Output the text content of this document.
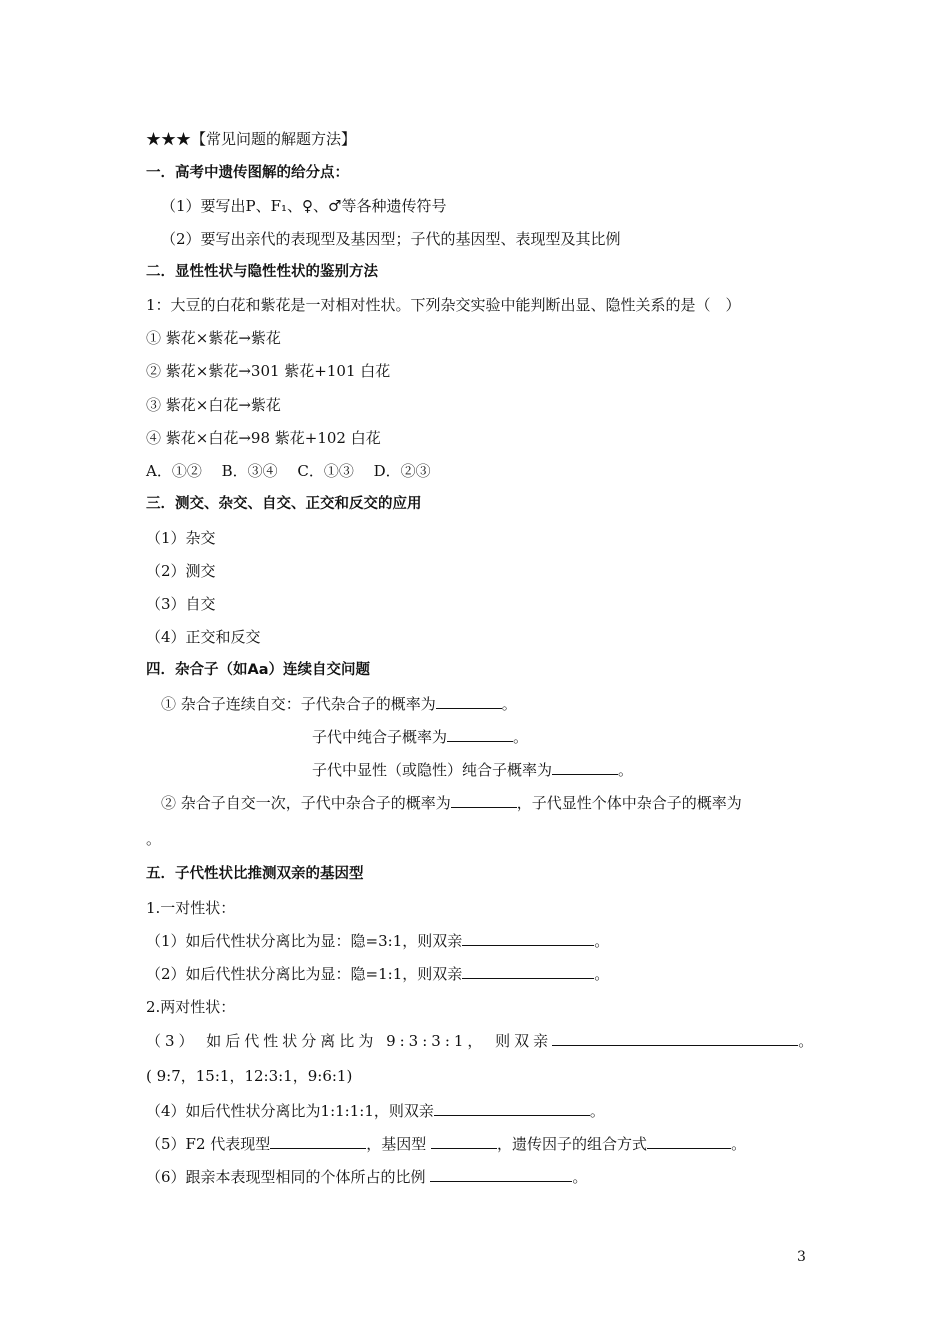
★★★【常见问题的解题方法】
一．高考中遗传图解的给分点：
（1）要写出P、F₁、♀、♂等各种遗传符号
（2）要写出亲代的表现型及基因型；子代的基因型、表现型及其比例
二．显性性状与隐性性状的鉴别方法
1：大豆的白花和紫花是一对相对性状。下列杂交实验中能判断出显、隐性关系的是（　）
① 紫花×紫花→紫花
② 紫花×紫花→301 紫花+101 白花
③ 紫花×白花→紫花
④ 紫花×白花→98 紫花+102 白花
A．①②　 B．③④　 C．①③　 D．②③
三．测交、杂交、自交、正交和反交的应用
（1）杂交
（2）测交
（3）自交
（4）正交和反交
四．杂合子（如Aa）连续自交问题
① 杂合子连续自交：子代杂合子的概率为	。
子代中纯合子概率为	。
子代中显性（或隐性）纯合子概率为	。
② 杂合子自交一次，子代中杂合子的概率为	，子代显性个体中杂合子的概率为
。
五．子代性状比推测双亲的基因型
1.一对性状：
（1）如后代性状分离比为显：隐=3:1，则双亲	。
（2）如后代性状分离比为显：隐=1:1，则双亲	。
2.两对性状：
（3） 如后代性状分离比为 9:3:3:1， 则双亲	。
( 9:7，15:1，12:3:1，9:6:1)
（4）如后代性状分离比为1:1:1:1，则双亲	。
（5）F2 代表现型	，基因型	，遗传因子的组合方式	。
（6）跟亲本表现型相同的个体所占的比例	。
3
